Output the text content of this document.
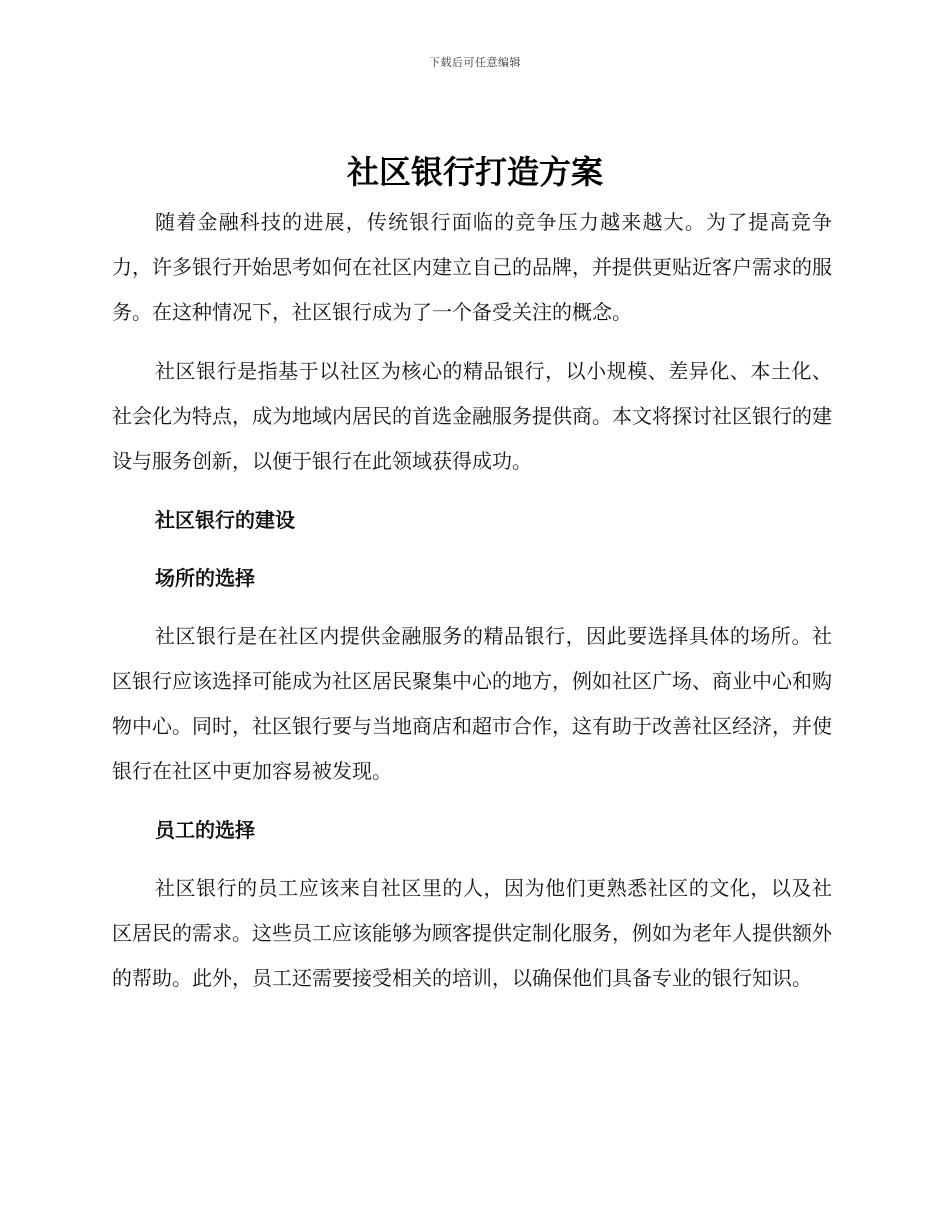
下载后可任意编辑
社区银行打造方案

随着金融科技的进展，传统银行面临的竞争压力越来越大。为了提高竞争力，许多银行开始思考如何在社区内建立自己的品牌，并提供更贴近客户需求的服务。在这种情况下，社区银行成为了一个备受关注的概念。

社区银行是指基于以社区为核心的精品银行，以小规模、差异化、本土化、社会化为特点，成为地域内居民的首选金融服务提供商。本文将探讨社区银行的建设与服务创新，以便于银行在此领域获得成功。

社区银行的建设

场所的选择

社区银行是在社区内提供金融服务的精品银行，因此要选择具体的场所。社区银行应该选择可能成为社区居民聚集中心的地方，例如社区广场、商业中心和购物中心。同时，社区银行要与当地商店和超市合作，这有助于改善社区经济，并使银行在社区中更加容易被发现。

员工的选择

社区银行的员工应该来自社区里的人，因为他们更熟悉社区的文化，以及社区居民的需求。这些员工应该能够为顾客提供定制化服务，例如为老年人提供额外的帮助。此外，员工还需要接受相关的培训，以确保他们具备专业的银行知识。
